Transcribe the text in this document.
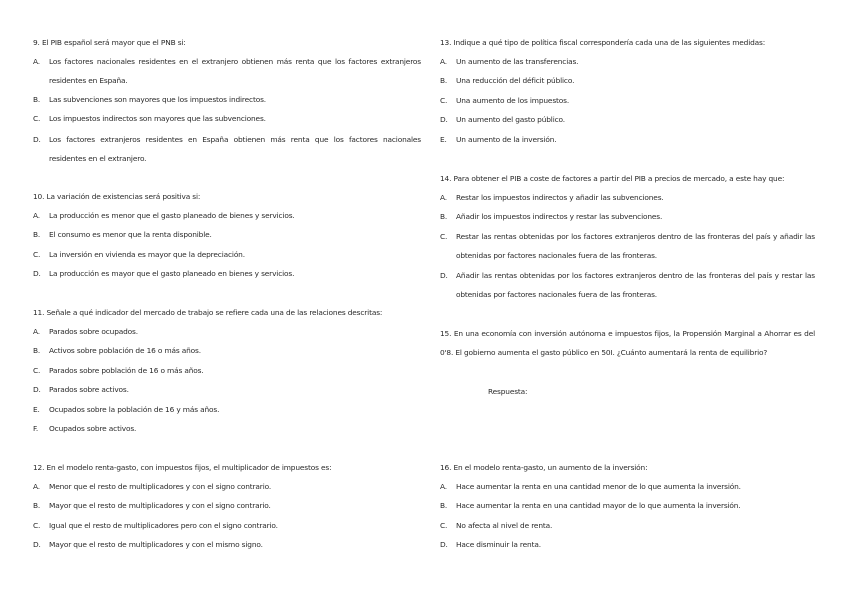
9. El PIB español será mayor que el PNB si:
A. Los factores nacionales residentes en el extranjero obtienen más renta que los factores extranjeros residentes en España.
B. Las subvenciones son mayores que los impuestos indirectos.
C. Los impuestos indirectos son mayores que las subvenciones.
D. Los factores extranjeros residentes en España obtienen más renta que los factores nacionales residentes en el extranjero.
10. La variación de existencias será positiva si:
A. La producción es menor que el gasto planeado de bienes y servicios.
B. El consumo es menor que la renta disponible.
C. La inversión en vivienda es mayor que la depreciación.
D. La producción es mayor que el gasto planeado en bienes y servicios.
11. Señale a qué indicador del mercado de trabajo se refiere cada una de las relaciones descritas:
A. Parados sobre ocupados.
B. Activos sobre población de 16 o más años.
C. Parados sobre población de 16 o más años.
D. Parados sobre activos.
E. Ocupados sobre la población de 16 y más años.
F. Ocupados sobre activos.
12. En el modelo renta-gasto, con impuestos fijos, el multiplicador de impuestos es:
A. Menor que el resto de multiplicadores y con el signo contrario.
B. Mayor que el resto de multiplicadores y con el signo contrario.
C. Igual que el resto de multiplicadores pero con el signo contrario.
D. Mayor que el resto de multiplicadores y con el mismo signo.
13. Indique a qué tipo de política fiscal correspondería cada una de las siguientes medidas:
A. Un aumento de las transferencias.
B. Una reducción del déficit público.
C. Una aumento de los impuestos.
D. Un aumento del gasto público.
E. Un aumento de la inversión.
14. Para obtener el PIB a coste de factores a partir del PIB a precios de mercado, a este hay que:
A. Restar los impuestos indirectos y añadir las subvenciones.
B. Añadir los impuestos indirectos y restar las subvenciones.
C. Restar las rentas obtenidas por los factores extranjeros dentro de las fronteras del país y añadir las obtenidas por factores nacionales fuera de las fronteras.
D. Añadir las rentas obtenidas por los factores extranjeros dentro de las fronteras del país y restar las obtenidas por factores nacionales fuera de las fronteras.
15. En una economía con inversión autónoma e impuestos fijos, la Propensión Marginal a Ahorrar es del 0'8. El gobierno aumenta el gasto público en 50I. ¿Cuánto aumentará la renta de equilibrio?
Respuesta:
16. En el modelo renta-gasto, un aumento de la inversión:
A. Hace aumentar la renta en una cantidad menor de lo que aumenta la inversión.
B. Hace aumentar la renta en una cantidad mayor de lo que aumenta la inversión.
C. No afecta al nivel de renta.
D. Hace disminuir la renta.
